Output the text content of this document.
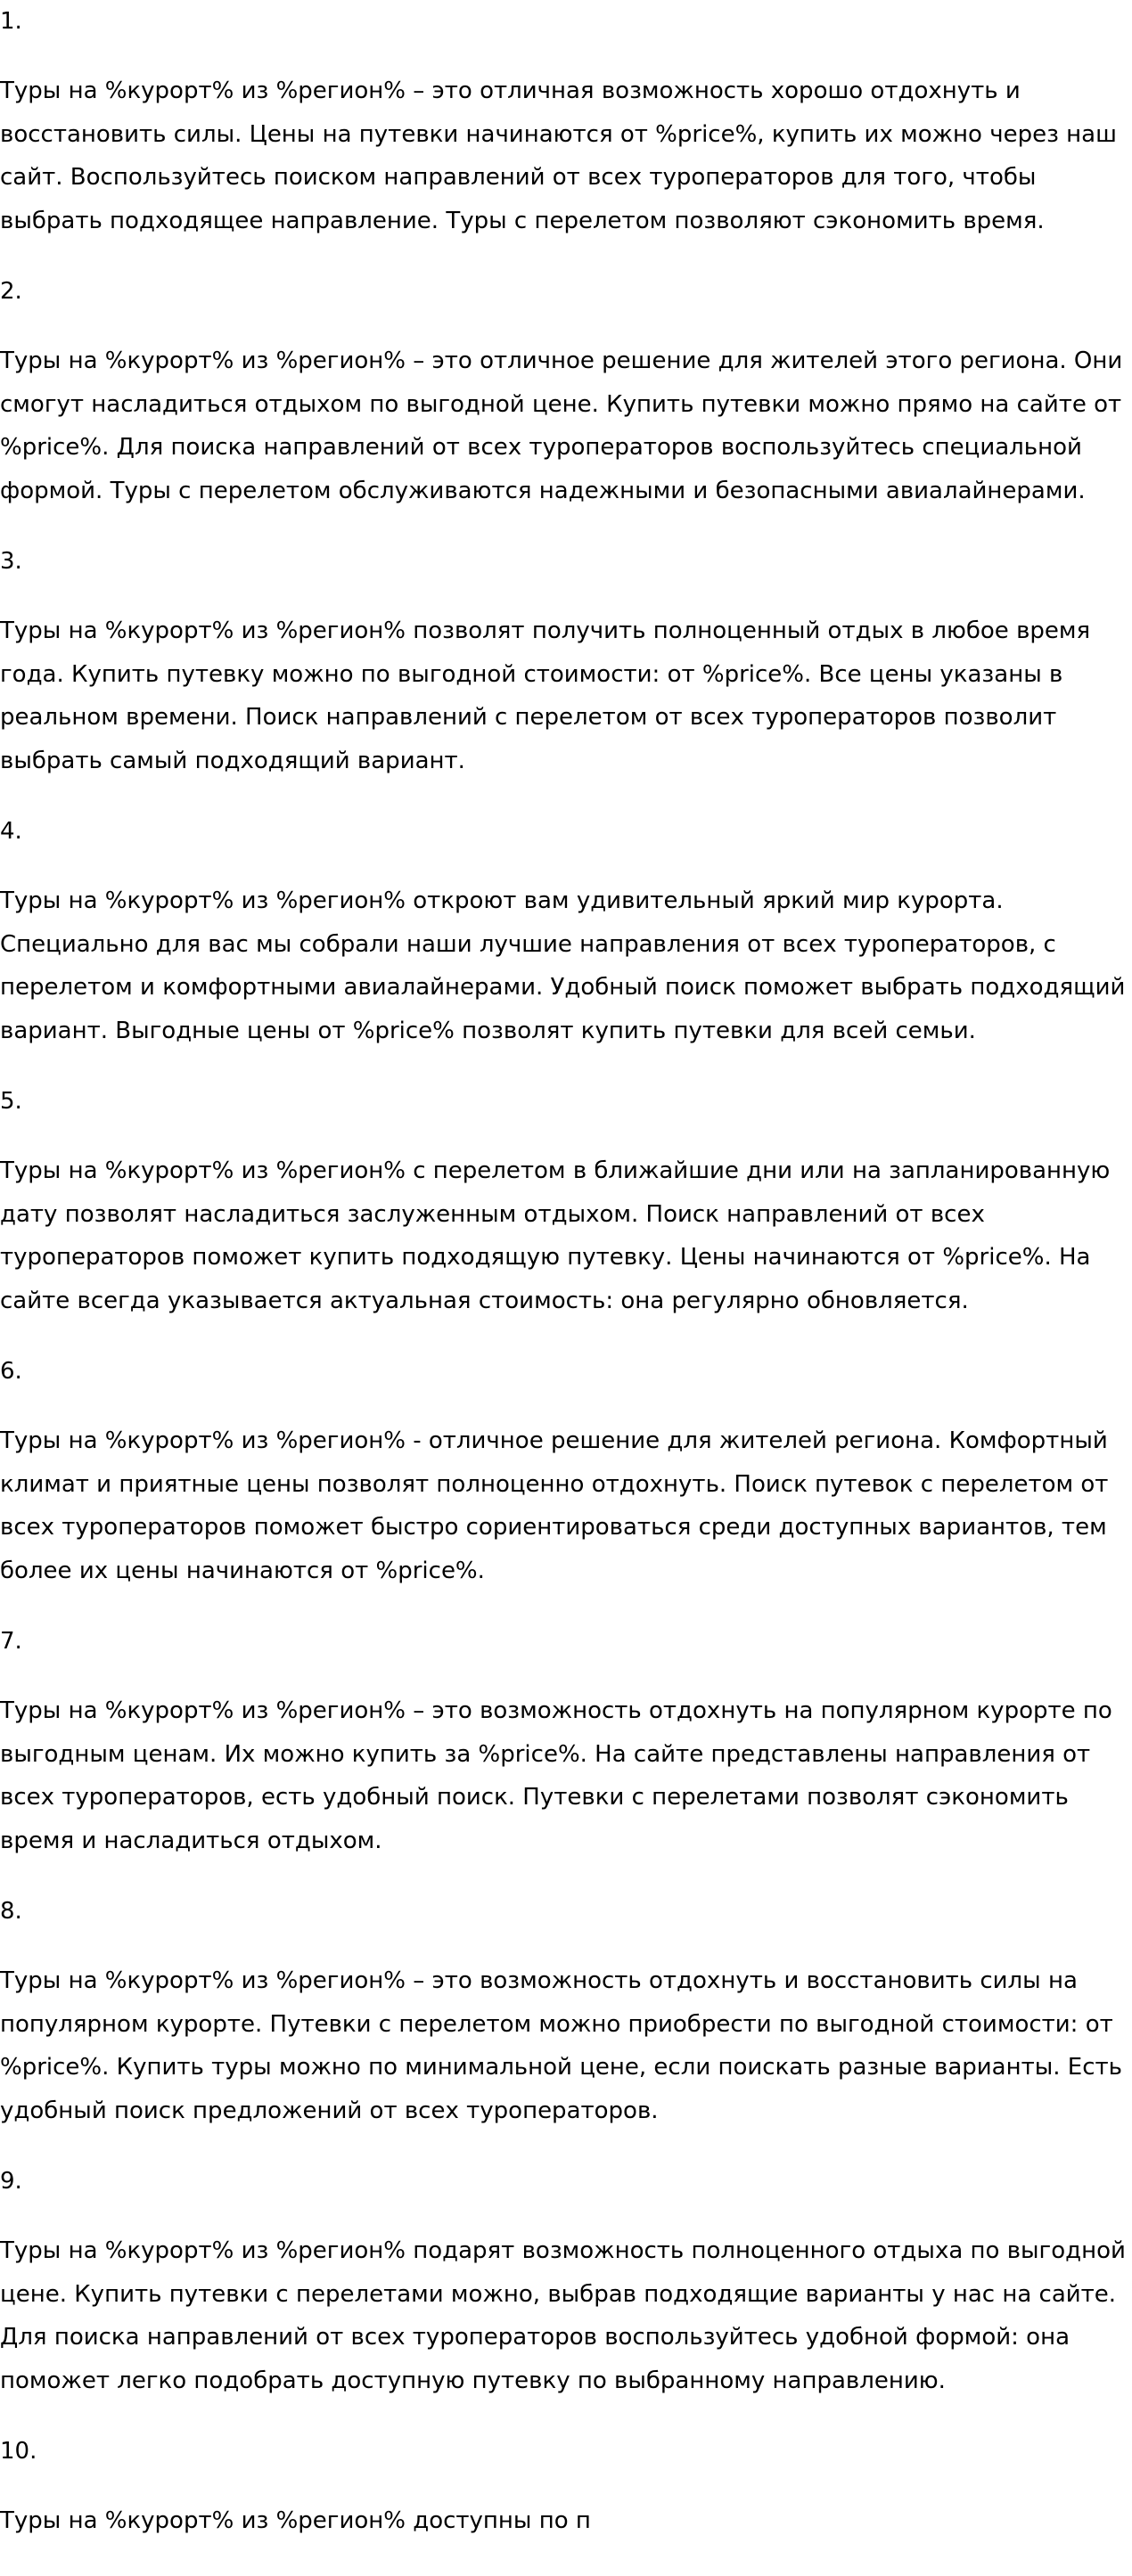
1.

Туры на %курорт% из %регион% – это отличная возможность хорошо отдохнуть и
восстановить силы. Цены на путевки начинаются от %price%, купить их можно через наш
сайт. Воспользуйтесь поиском направлений от всех туроператоров для того, чтобы
выбрать подходящее направление. Туры с перелетом позволяют сэкономить время.

2.

Туры на %курорт% из %регион% – это отличное решение для жителей этого региона. Они
смогут насладиться отдыхом по выгодной цене. Купить путевки можно прямо на сайте от
%price%. Для поиска направлений от всех туроператоров воспользуйтесь специальной
формой. Туры с перелетом обслуживаются надежными и безопасными авиалайнерами.

3.

Туры на %курорт% из %регион% позволят получить полноценный отдых в любое время
года. Купить путевку можно по выгодной стоимости: от %price%. Все цены указаны в
реальном времени. Поиск направлений с перелетом от всех туроператоров позволит
выбрать самый подходящий вариант.

4.

Туры на %курорт% из %регион% откроют вам удивительный яркий мир курорта.
Специально для вас мы собрали наши лучшие направления от всех туроператоров, с
перелетом и комфортными авиалайнерами. Удобный поиск поможет выбрать подходящий
вариант. Выгодные цены от %price% позволят купить путевки для всей семьи.

5.

Туры на %курорт% из %регион% с перелетом в ближайшие дни или на запланированную
дату позволят насладиться заслуженным отдыхом. Поиск направлений от всех
туроператоров поможет купить подходящую путевку. Цены начинаются от %price%. На
сайте всегда указывается актуальная стоимость: она регулярно обновляется.

6.

Туры на %курорт% из %регион% - отличное решение для жителей региона. Комфортный
климат и приятные цены позволят полноценно отдохнуть. Поиск путевок с перелетом от
всех туроператоров поможет быстро сориентироваться среди доступных вариантов, тем
более их цены начинаются от %price%.

7.

Туры на %курорт% из %регион% – это возможность отдохнуть на популярном курорте по
выгодным ценам. Их можно купить за %price%. На сайте представлены направления от
всех туроператоров, есть удобный поиск. Путевки с перелетами позволят сэкономить
время и насладиться отдыхом.

8.

Туры на %курорт% из %регион% – это возможность отдохнуть и восстановить силы на
популярном курорте. Путевки с перелетом можно приобрести по выгодной стоимости: от
%price%. Купить туры можно по минимальной цене, если поискать разные варианты. Есть
удобный поиск предложений от всех туроператоров.

9.

Туры на %курорт% из %регион% подарят возможность полноценного отдыха по выгодной
цене. Купить путевки с перелетами можно, выбрав подходящие варианты у нас на сайте.
Для поиска направлений от всех туроператоров воспользуйтесь удобной формой: она
поможет легко подобрать доступную путевку по выбранному направлению.

10.

Туры на %курорт% из %регион% доступны по п
